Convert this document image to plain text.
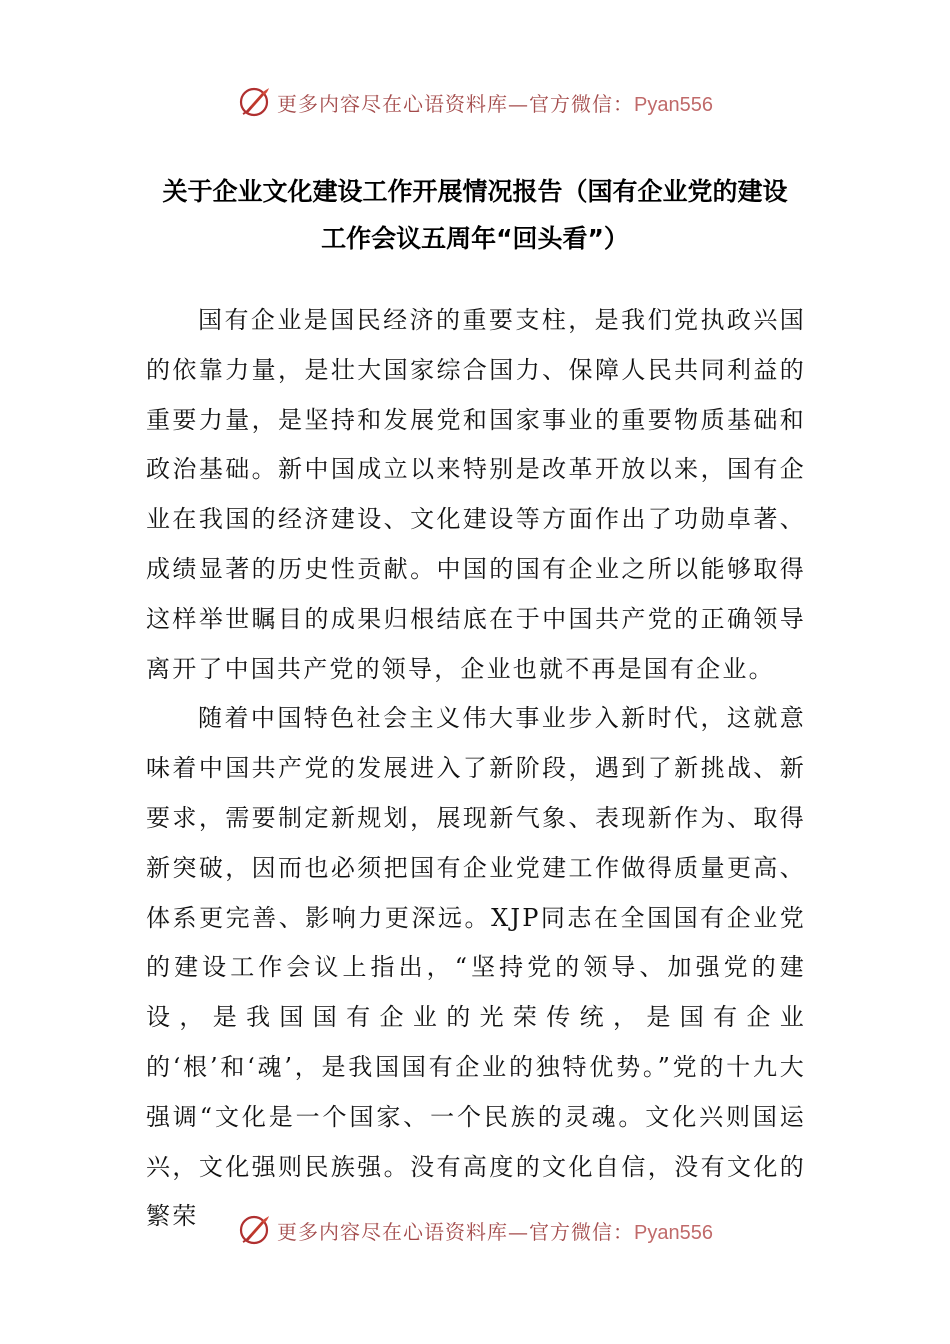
更多内容尽在心语资料库—官方微信：Pyan556
关于企业文化建设工作开展情况报告（国有企业党的建设
工作会议五周年“回头看”）

国有企业是国民经济的重要支柱，是我们党执政兴国的依靠力量，是壮大国家综合国力、保障人民共同利益的重要力量，是坚持和发展党和国家事业的重要物质基础和政治基础。新中国成立以来特别是改革开放以来，国有企业在我国的经济建设、文化建设等方面作出了功勋卓著、成绩显著的历史性贡献。中国的国有企业之所以能够取得这样举世瞩目的成果归根结底在于中国共产党的正确领导离开了中国共产党的领导，企业也就不再是国有企业。

随着中国特色社会主义伟大事业步入新时代，这就意味着中国共产党的发展进入了新阶段，遇到了新挑战、新要求，需要制定新规划，展现新气象、表现新作为、取得新突破，因而也必须把国有企业党建工作做得质量更高、体系更完善、影响力更深远。XJP同志在全国国有企业党的建设工作会议上指出，“坚持党的领导、加强党的建设，是我国国有企业的光荣传统，是国有企业的‘根’和‘魂’，是我国国有企业的独特优势。”党的十九大强调“文化是一个国家、一个民族的灵魂。文化兴则国运兴，文化强则民族强。没有高度的文化自信，没有文化的繁荣

更多内容尽在心语资料库—官方微信：Pyan556
